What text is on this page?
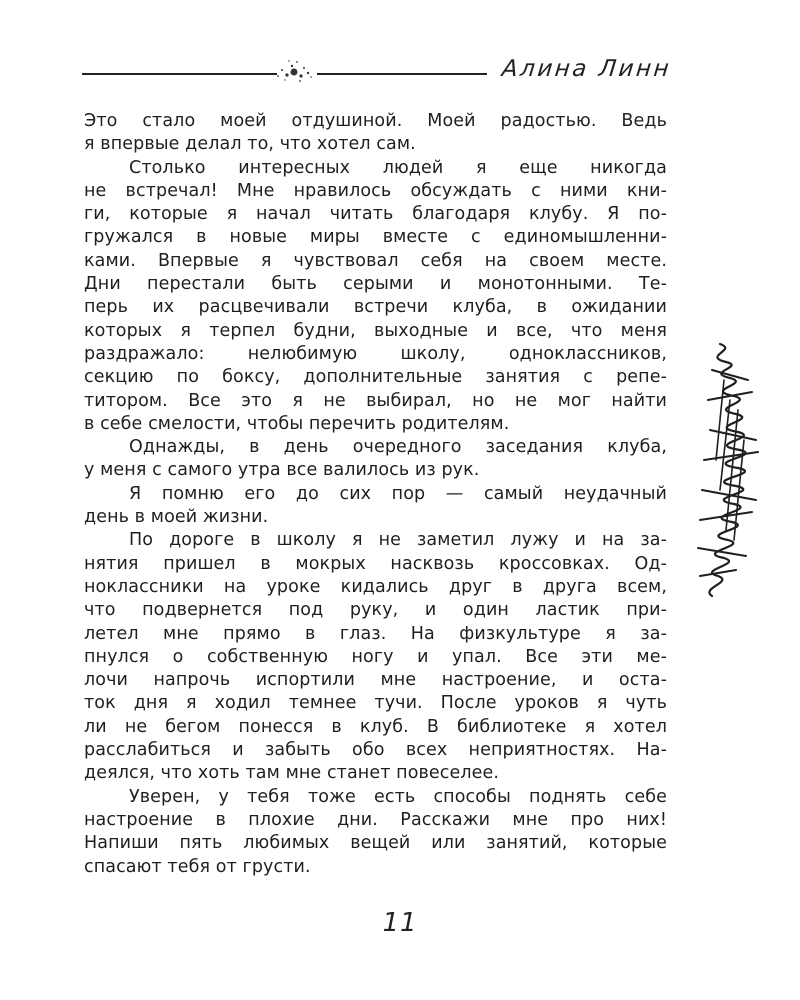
Алина Линн

Это стало моей отдушиной. Моей радостью. Ведь
я впервые делал то, что хотел сам.

Столько интересных людей я еще никогда

не встречал! Мне нравилось обсуждать с ними кни-
ги, которые я начал читать благодаря клубу. Я по-
гружался в новые миры вместе с единомышленни-
ками. Впервые я чувствовал себя на своем месте.
Дни перестали быть серыми и монотонными. Те-
перь их расцвечивали встречи клуба, в ожидании
которых я терпел будни, выходные и все, что меня
раздражало: нелюбимую школу, одноклассников,
секцию по боксу, дополнительные занятия с репе-
титором. Все это я не выбирал, но не мог найти
в себе смелости, чтобы перечить родителям.

Однажды, в день очередного заседания клуба,

у меня с самого утра все валилось из рук.

Я помню его до сих пор — самый неудачный

день в моей жизни.

По дороге в школу я не заметил лужу и на за-

нятия пришел в мокрых насквозь кроссовках. Од-
ноклассники на уроке кидались друг в друга всем,
что подвернется под руку, и один ластик при-
летел мне прямо в глаз. На физкультуре я за-
пнулся о собственную ногу и упал. Все эти ме-
лочи напрочь испортили мне настроение, и оста-
ток дня я ходил темнее тучи. После уроков я чуть
ли не бегом понесся в клуб. В библиотеке я хотел
расслабиться и забыть обо всех неприятностях. На-
деялся, что хоть там мне станет повеселее.

Уверен, у тебя тоже есть способы поднять себе

настроение в плохие дни. Расскажи мне про них!
Напиши пять любимых вещей или занятий, которые
спасают тебя от грусти.

11
